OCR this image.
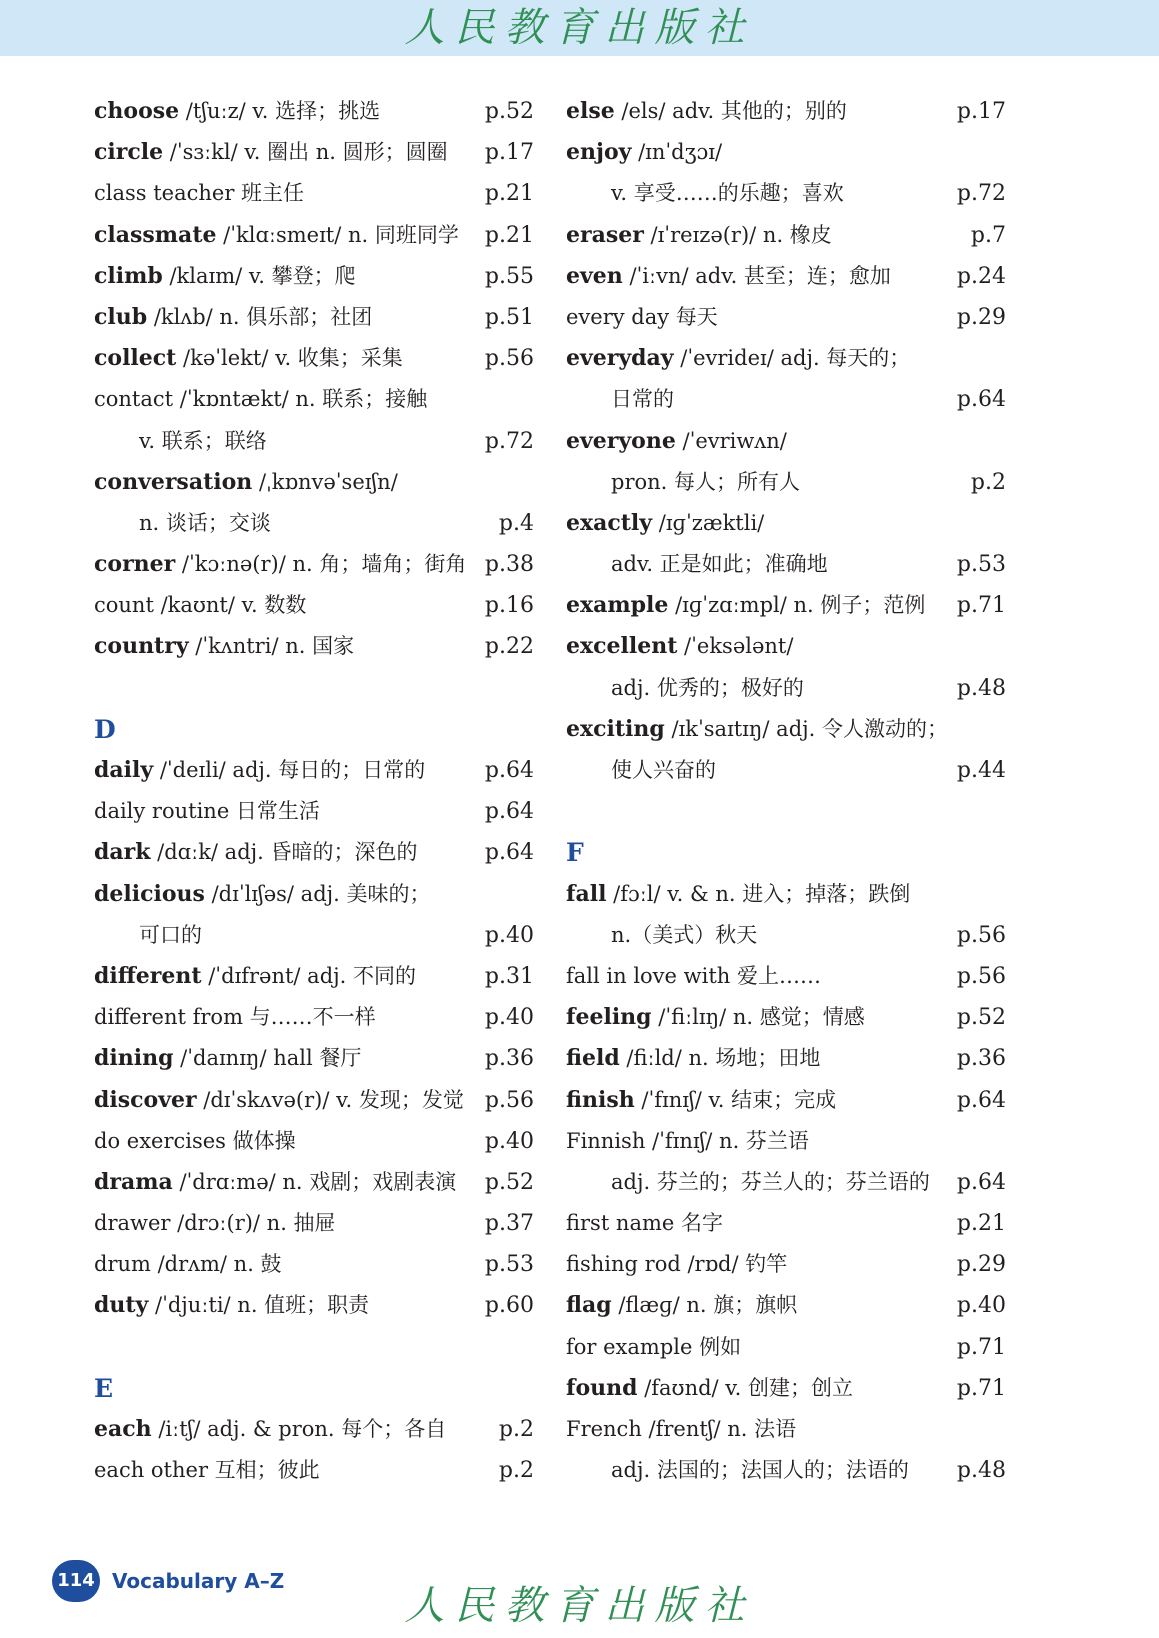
人民教育出版社
choose /tʃuːz/ v. 选择；挑选	p.52
circle /ˈsɜːkl/ v. 圈出 n. 圆形；圆圈 p.17
class teacher 班主任	p.21
classmate /ˈklɑːsmeɪt/ n. 同班同学 p.21
climb /klaɪm/ v. 攀登；爬	p.55
club /klʌb/ n. 俱乐部；社团	p.51
collect /kəˈlekt/ v. 收集；采集	p.56
contact /ˈkɒntækt/ n. 联系；接触
v. 联系；联络	p.72
conversation /ˌkɒnvəˈseɪʃn/
n. 谈话；交谈	p.4
corner /ˈkɔːnə(r)/ n. 角；墙角；街角 p.38
count /kaʊnt/ v. 数数	p.16
country /ˈkʌntri/ n. 国家	p.22
D
daily /ˈdeɪli/ adj. 每日的；日常的	p.64
daily routine 日常生活	p.64
dark /dɑːk/ adj. 昏暗的；深色的	p.64
delicious /dɪˈlɪʃəs/ adj. 美味的；
可口的	p.40
different /ˈdɪfrənt/ adj. 不同的	p.31
different from 与……不一样	p.40
dining /ˈdaɪnɪŋ/ hall 餐厅	p.36
discover /dɪˈskʌvə(r)/ v. 发现；发觉 p.56
do exercises 做体操	p.40
drama /ˈdrɑːmə/ n. 戏剧；戏剧表演 p.52
drawer /drɔː(r)/ n. 抽屉	p.37
drum /drʌm/ n. 鼓	p.53
duty /ˈdjuːti/ n. 值班；职责	p.60
E
each /iːtʃ/ adj. & pron. 每个；各自 p.2
each other 互相；彼此	p.2
else /els/ adv. 其他的；别的	p.17
enjoy /ɪnˈdʒɔɪ/
v. 享受……的乐趣；喜欢	p.72
eraser /ɪˈreɪzə(r)/ n. 橡皮	p.7
even /ˈiːvn/ adv. 甚至；连；愈加	p.24
every day 每天	p.29
everyday /ˈevrideɪ/ adj. 每天的；
日常的	p.64
everyone /ˈevriwʌn/
pron. 每人；所有人	p.2
exactly /ɪɡˈzæktli/
adv. 正是如此；准确地	p.53
example /ɪɡˈzɑːmpl/ n. 例子；范例 p.71
excellent /ˈeksələnt/
adj. 优秀的；极好的	p.48
exciting /ɪkˈsaɪtɪŋ/ adj. 令人激动的；
使人兴奋的	p.44
F
fall /fɔːl/ v. & n. 进入；掉落；跌倒
n.（美式）秋天	p.56
fall in love with 爱上……	p.56
feeling /ˈfiːlɪŋ/ n. 感觉；情感	p.52
field /fiːld/ n. 场地；田地	p.36
finish /ˈfɪnɪʃ/ v. 结束；完成	p.64
Finnish /ˈfɪnɪʃ/ n. 芬兰语
adj. 芬兰的；芬兰人的；芬兰语的 p.64
first name 名字	p.21
fishing rod /rɒd/ 钓竿	p.29
flag /flæɡ/ n. 旗；旗帜	p.40
for example 例如	p.71
found /faʊnd/ v. 创建；创立	p.71
French /frentʃ/ n. 法语
adj. 法国的；法国人的；法语的 p.48
114 Vocabulary A–Z
人民教育出版社
